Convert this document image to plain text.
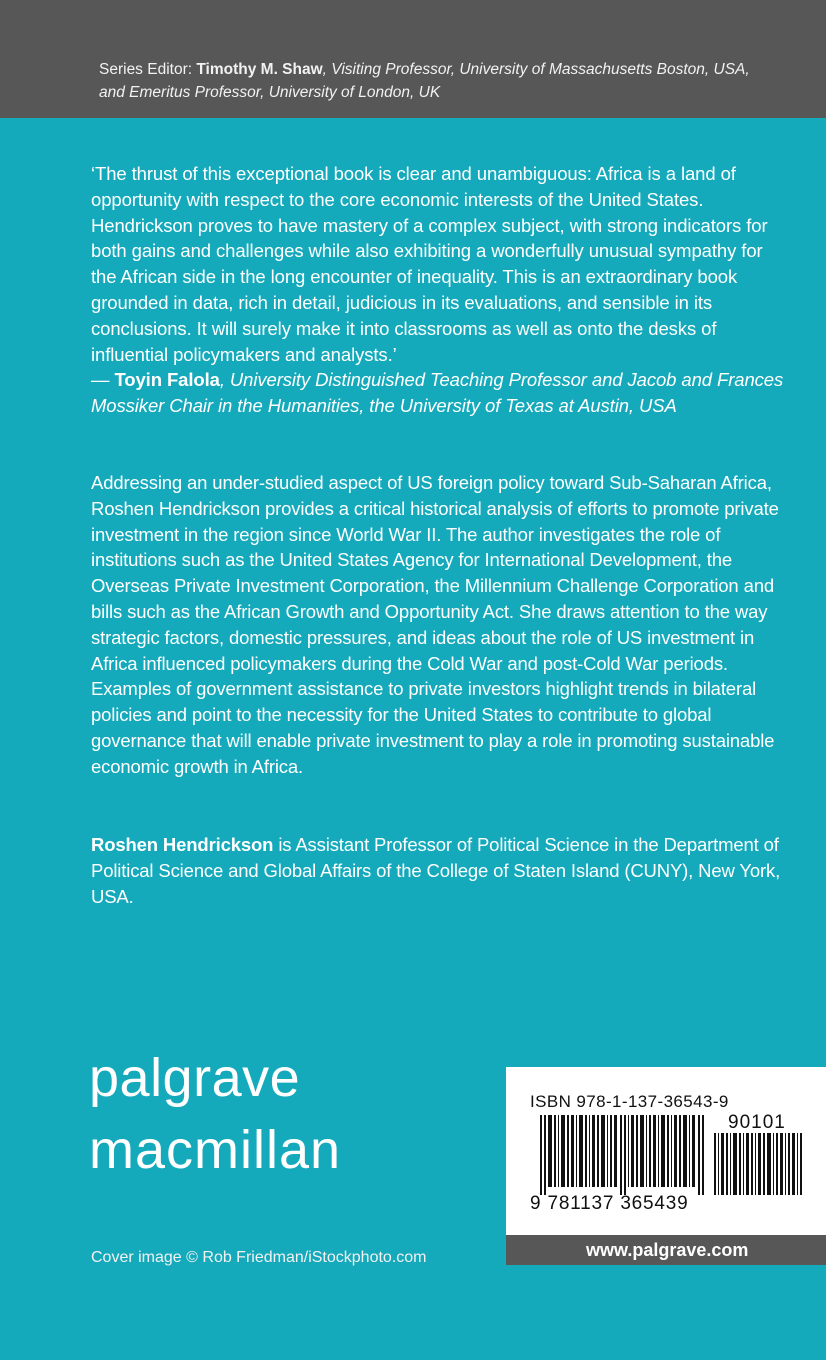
Series Editor: Timothy M. Shaw, Visiting Professor, University of Massachusetts Boston, USA,
and Emeritus Professor, University of London, UK
‘The thrust of this exceptional book is clear and unambiguous: Africa is a land of
opportunity with respect to the core economic interests of the United States.
Hendrickson proves to have mastery of a complex subject, with strong indicators for
both gains and challenges while also exhibiting a wonderfully unusual sympathy for
the African side in the long encounter of inequality. This is an extraordinary book
grounded in data, rich in detail, judicious in its evaluations, and sensible in its
conclusions. It will surely make it into classrooms as well as onto the desks of
influential policymakers and analysts.’
— Toyin Falola, University Distinguished Teaching Professor and Jacob and Frances
Mossiker Chair in the Humanities, the University of Texas at Austin, USA
Addressing an under-studied aspect of US foreign policy toward Sub-Saharan Africa,
Roshen Hendrickson provides a critical historical analysis of efforts to promote private
investment in the region since World War II. The author investigates the role of
institutions such as the United States Agency for International Development, the
Overseas Private Investment Corporation, the Millennium Challenge Corporation and
bills such as the African Growth and Opportunity Act. She draws attention to the way
strategic factors, domestic pressures, and ideas about the role of US investment in
Africa influenced policymakers during the Cold War and post-Cold War periods.
Examples of government assistance to private investors highlight trends in bilateral
policies and point to the necessity for the United States to contribute to global
governance that will enable private investment to play a role in promoting sustainable
economic growth in Africa.
Roshen Hendrickson is Assistant Professor of Political Science in the Department of
Political Science and Global Affairs of the College of Staten Island (CUNY), New York, USA.
palgrave
macmillan
Cover image © Rob Friedman/iStockphoto.com
ISBN 978-1-137-36543-9
90101
9 781137 365439
www.palgrave.com
